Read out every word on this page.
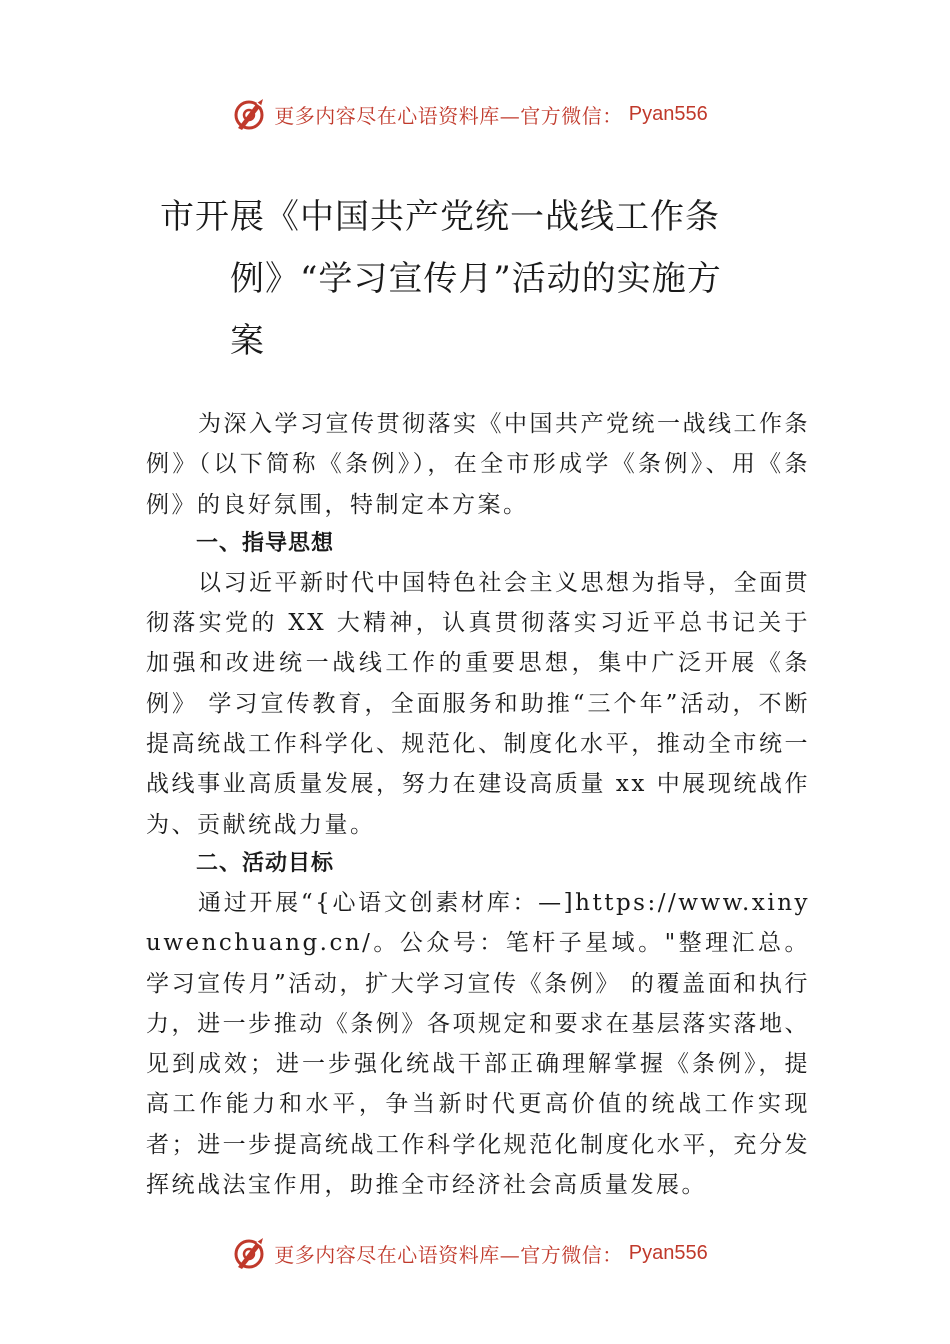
更多内容尽在心语资料库—官方微信： Pyan556
市开展《中国共产党统一战线工作条
例》“学习宣传月”活动的实施方
案

为深入学习宣传贯彻落实《中国共产党统一战线工作条例》（以下简称《条例》），在全市形成学《条例》、用《条例》的良好氛围，特制定本方案。

一、指导思想

以习近平新时代中国特色社会主义思想为指导，全面贯彻落实党的 XX 大精神，认真贯彻落实习近平总书记关于加强和改进统一战线工作的重要思想，集中广泛开展《条例》 学习宣传教育，全面服务和助推“三个年”活动，不断提高统战工作科学化、规范化、制度化水平，推动全市统一战线事业高质量发展，努力在建设高质量 xx 中展现统战作为、贡献统战力量。

二、活动目标

通过开展“{心语文创素材库：—]https://www.xinyuwenchuang.cn/。公众号：笔杆子星域。"整理汇总。学习宣传月”活动，扩大学习宣传《条例》 的覆盖面和执行力，进一步推动《条例》各项规定和要求在基层落实落地、见到成效；进一步强化统战干部正确理解掌握《条例》，提高工作能力和水平，争当新时代更高价值的统战工作实现者；进一步提高统战工作科学化规范化制度化水平，充分发挥统战法宝作用，助推全市经济社会高质量发展。

更多内容尽在心语资料库—官方微信： Pyan556
